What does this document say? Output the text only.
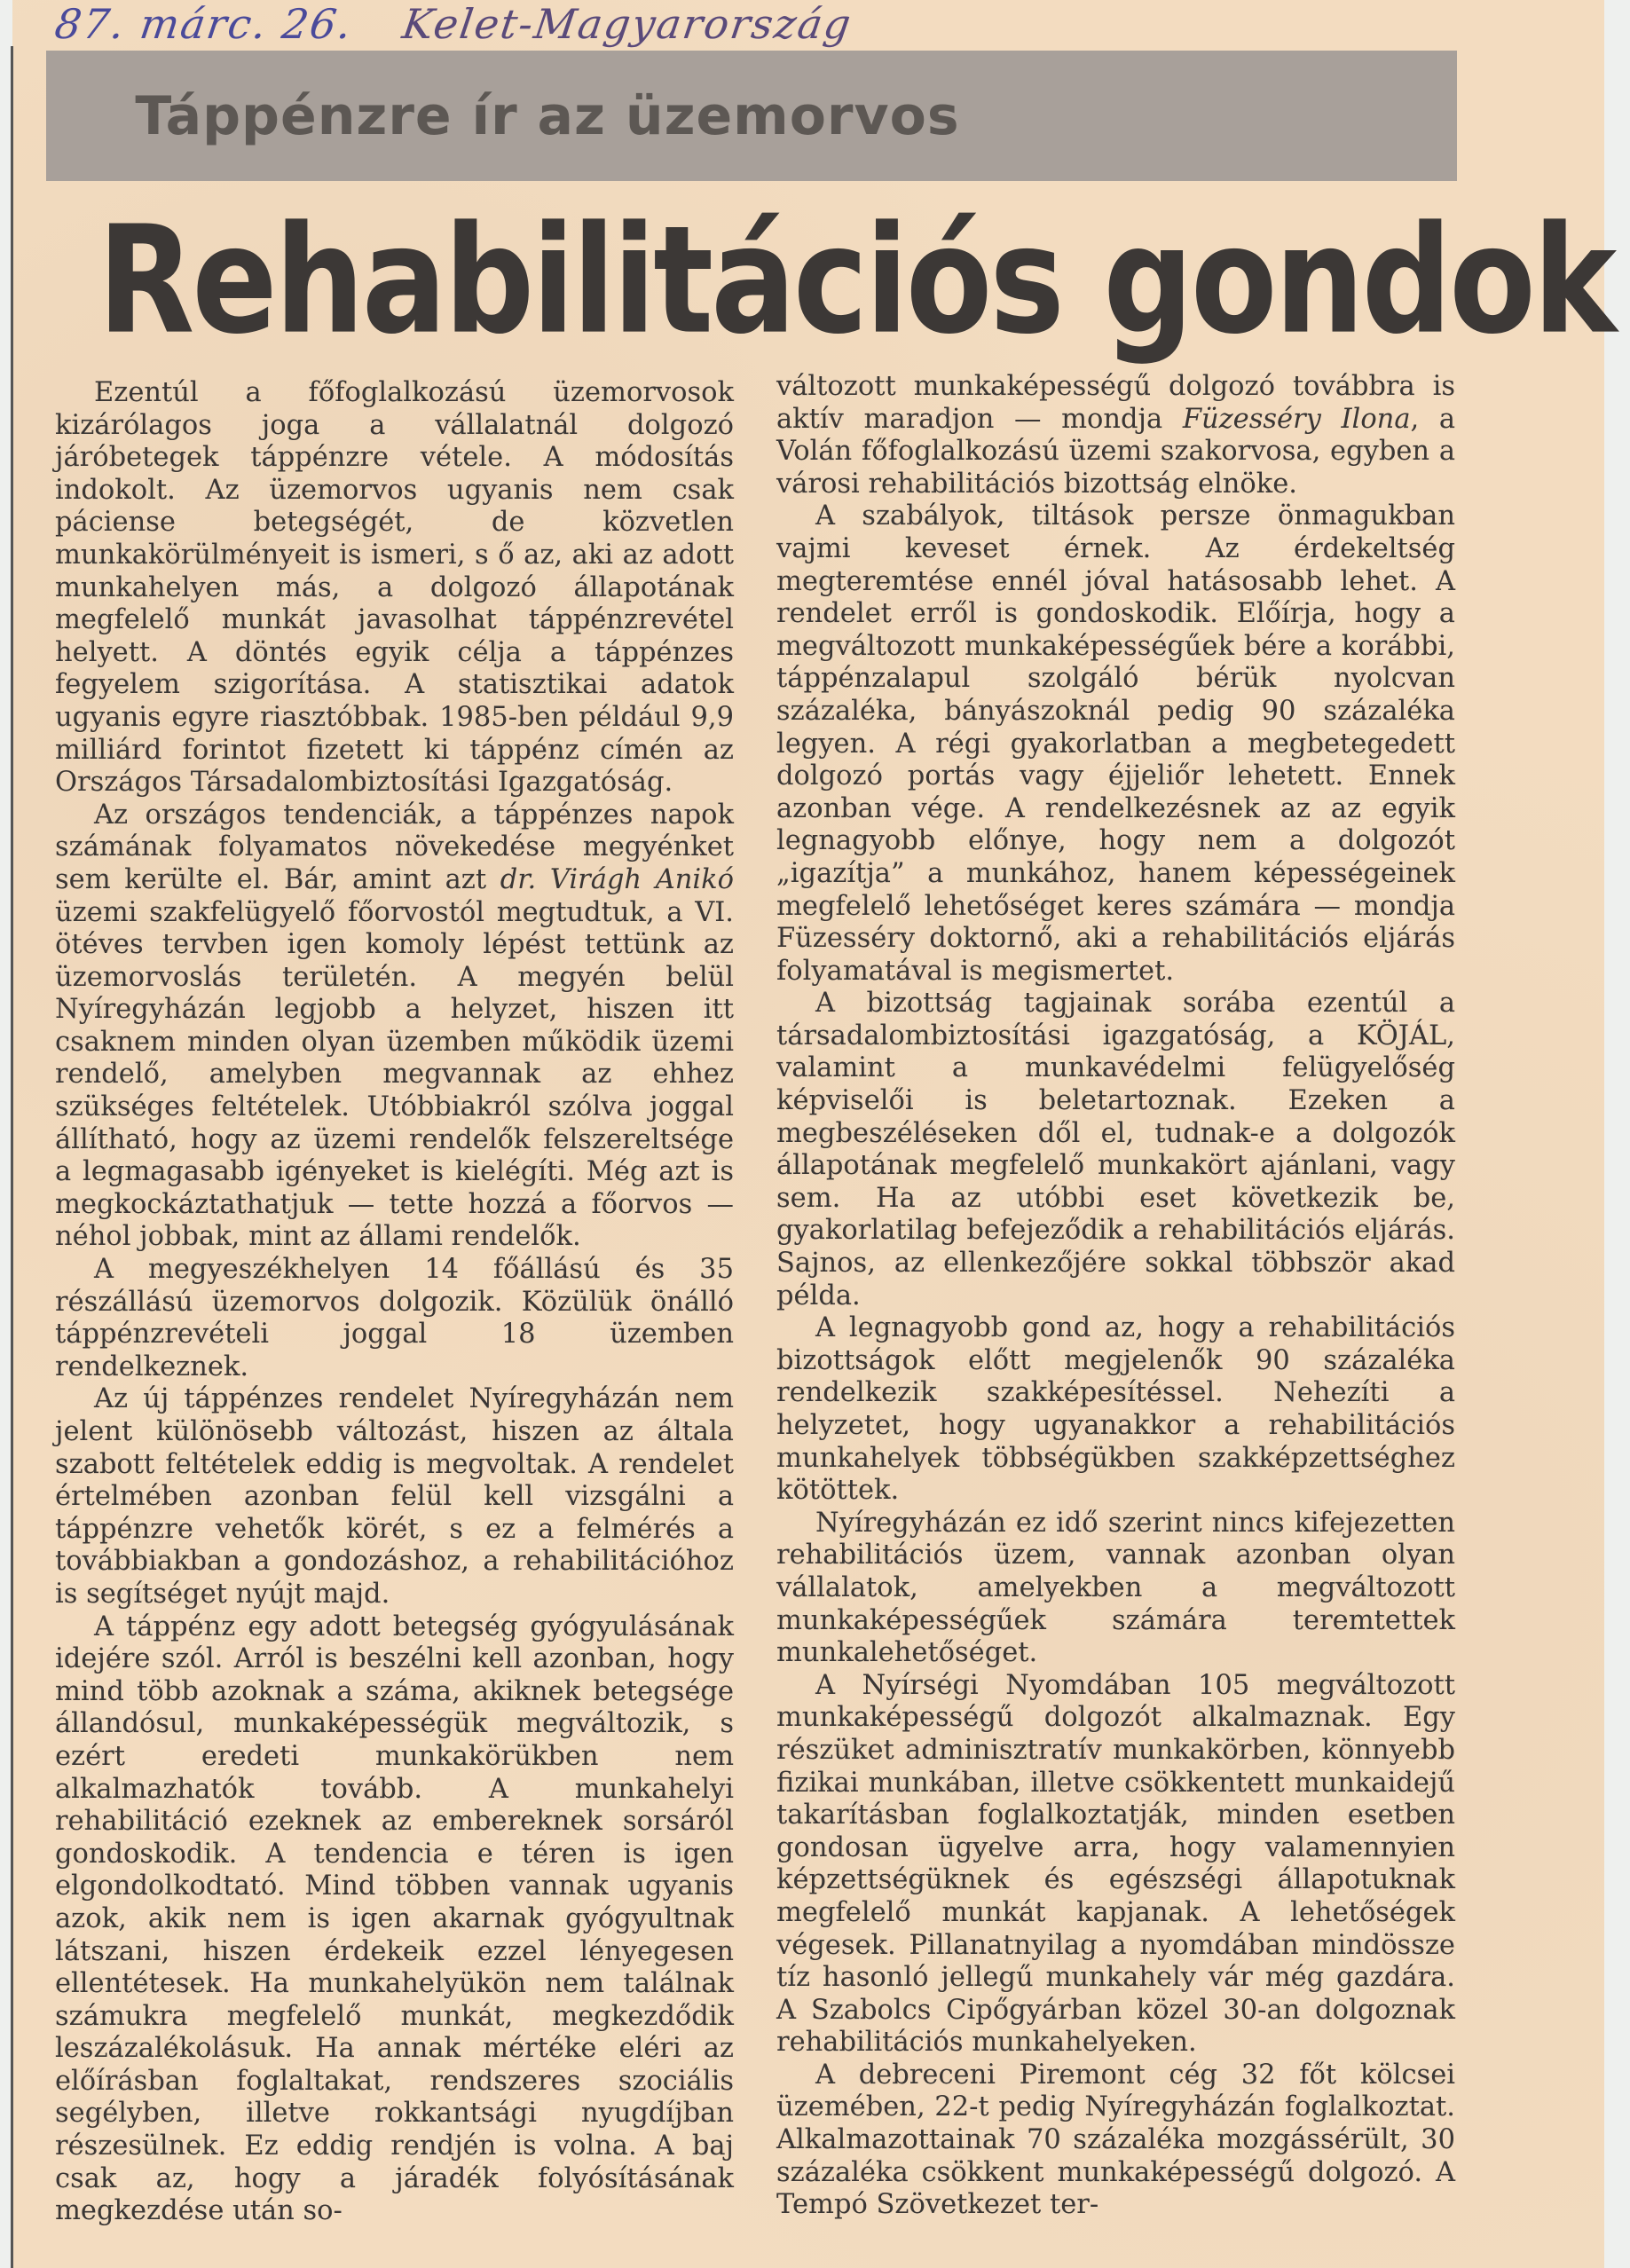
87. márc. 26. Kelet-Magyarország
Táppénzre ír az üzemorvos
Rehabilitációs gondok

Ezentúl a főfoglalkozású üzemorvosok kizárólagos joga a vállalatnál dolgozó járóbetegek táppénzre vétele. A módosítás indokolt. Az üzemorvos ugyanis nem csak páciense betegségét, de közvetlen munkakörülményeit is ismeri, s ő az, aki az adott munkahelyen más, a dolgozó állapotának megfelelő munkát javasolhat táppénzrevétel helyett. A döntés egyik célja a táppénzes fegyelem szigorítása. A statisztikai adatok ugyanis egyre riasztóbbak. 1985-ben például 9,9 milliárd forintot fizetett ki táppénz címén az Országos Társadalombiztosítási Igazgatóság.

Az országos tendenciák, a táppénzes napok számának folyamatos növekedése megyénket sem kerülte el. Bár, amint azt dr. Virágh Anikó üzemi szakfelügyelő főorvostól megtudtuk, a VI. ötéves tervben igen komoly lépést tettünk az üzemorvoslás területén. A megyén belül Nyíregyházán legjobb a helyzet, hiszen itt csaknem minden olyan üzemben működik üzemi rendelő, amelyben megvannak az ehhez szükséges feltételek. Utóbbiakról szólva joggal állítható, hogy az üzemi rendelők felszereltsége a legmagasabb igényeket is kielégíti. Még azt is megkockáztathatjuk — tette hozzá a főorvos — néhol jobbak, mint az állami rendelők.

A megyeszékhelyen 14 főállású és 35 részállású üzemorvos dolgozik. Közülük önálló táppénzrevételi joggal 18 üzemben rendelkeznek.

Az új táppénzes rendelet Nyíregyházán nem jelent különösebb változást, hiszen az általa szabott feltételek eddig is megvoltak. A rendelet értelmében azonban felül kell vizsgálni a táppénzre vehetők körét, s ez a felmérés a továbbiakban a gondozáshoz, a rehabilitációhoz is segítséget nyújt majd.

A táppénz egy adott betegség gyógyulásának idejére szól. Arról is beszélni kell azonban, hogy mind több azoknak a száma, akiknek betegsége állandósul, munkaképességük megváltozik, s ezért eredeti munkakörükben nem alkalmazhatók tovább. A munkahelyi rehabilitáció ezeknek az embereknek sorsáról gondoskodik. A tendencia e téren is igen elgondolkodtató. Mind többen vannak ugyanis azok, akik nem is igen akarnak gyógyultnak látszani, hiszen érdekeik ezzel lényegesen ellentétesek. Ha munkahelyükön nem találnak számukra megfelelő munkát, megkezdődik leszázalékolásuk. Ha annak mértéke eléri az előírásban foglaltakat, rendszeres szociális segélyben, illetve rokkantsági nyugdíjban részesülnek. Ez eddig rendjén is volna. A baj csak az, hogy a járadék folyósításának megkezdése után so-

változott munkaképességű dolgozó továbbra is aktív maradjon — mondja Füzesséry Ilona, a Volán főfoglalkozású üzemi szakorvosa, egyben a városi rehabilitációs bizottság elnöke.

A szabályok, tiltások persze önmagukban vajmi keveset érnek. Az érdekeltség megteremtése ennél jóval hatásosabb lehet. A rendelet erről is gondoskodik. Előírja, hogy a megváltozott munkaképességűek bére a korábbi, táppénzalapul szolgáló bérük nyolcvan százaléka, bányászoknál pedig 90 százaléka legyen. A régi gyakorlatban a megbetegedett dolgozó portás vagy éjjeliőr lehetett. Ennek azonban vége. A rendelkezésnek az az egyik legnagyobb előnye, hogy nem a dolgozót „igazítja” a munkához, hanem képességeinek megfelelő lehetőséget keres számára — mondja Füzesséry doktornő, aki a rehabilitációs eljárás folyamatával is megismertet.

A bizottság tagjainak sorába ezentúl a társadalombiztosítási igazgatóság, a KÖJÁL, valamint a munkavédelmi felügyelőség képviselői is beletartoznak. Ezeken a megbeszéléseken dől el, tudnak-e a dolgozók állapotának megfelelő munkakört ajánlani, vagy sem. Ha az utóbbi eset következik be, gyakorlatilag befejeződik a rehabilitációs eljárás. Sajnos, az ellenkezőjére sokkal többször akad példa.

A legnagyobb gond az, hogy a rehabilitációs bizottságok előtt megjelenők 90 százaléka rendelkezik szakképesítéssel. Nehezíti a helyzetet, hogy ugyanakkor a rehabilitációs munkahelyek többségükben szakképzettséghez kötöttek.

Nyíregyházán ez idő szerint nincs kifejezetten rehabilitációs üzem, vannak azonban olyan vállalatok, amelyekben a megváltozott munkaképességűek számára teremtettek munkalehetőséget.

A Nyírségi Nyomdában 105 megváltozott munkaképességű dolgozót alkalmaznak. Egy részüket adminisztratív munkakörben, könnyebb fizikai munkában, illetve csökkentett munkaidejű takarításban foglalkoztatják, minden esetben gondosan ügyelve arra, hogy valamennyien képzettségüknek és egészségi állapotuknak megfelelő munkát kapjanak. A lehetőségek végesek. Pillanatnyilag a nyomdában mindössze tíz hasonló jellegű munkahely vár még gazdára. A Szabolcs Cipőgyárban közel 30-an dolgoznak rehabilitációs munkahelyeken.

A debreceni Piremont cég 32 főt kölcsei üzemében, 22-t pedig Nyíregyházán foglalkoztat. Alkalmazottainak 70 százaléka mozgássérült, 30 százaléka csökkent munkaképességű dolgozó. A Tempó Szövetkezet ter-
